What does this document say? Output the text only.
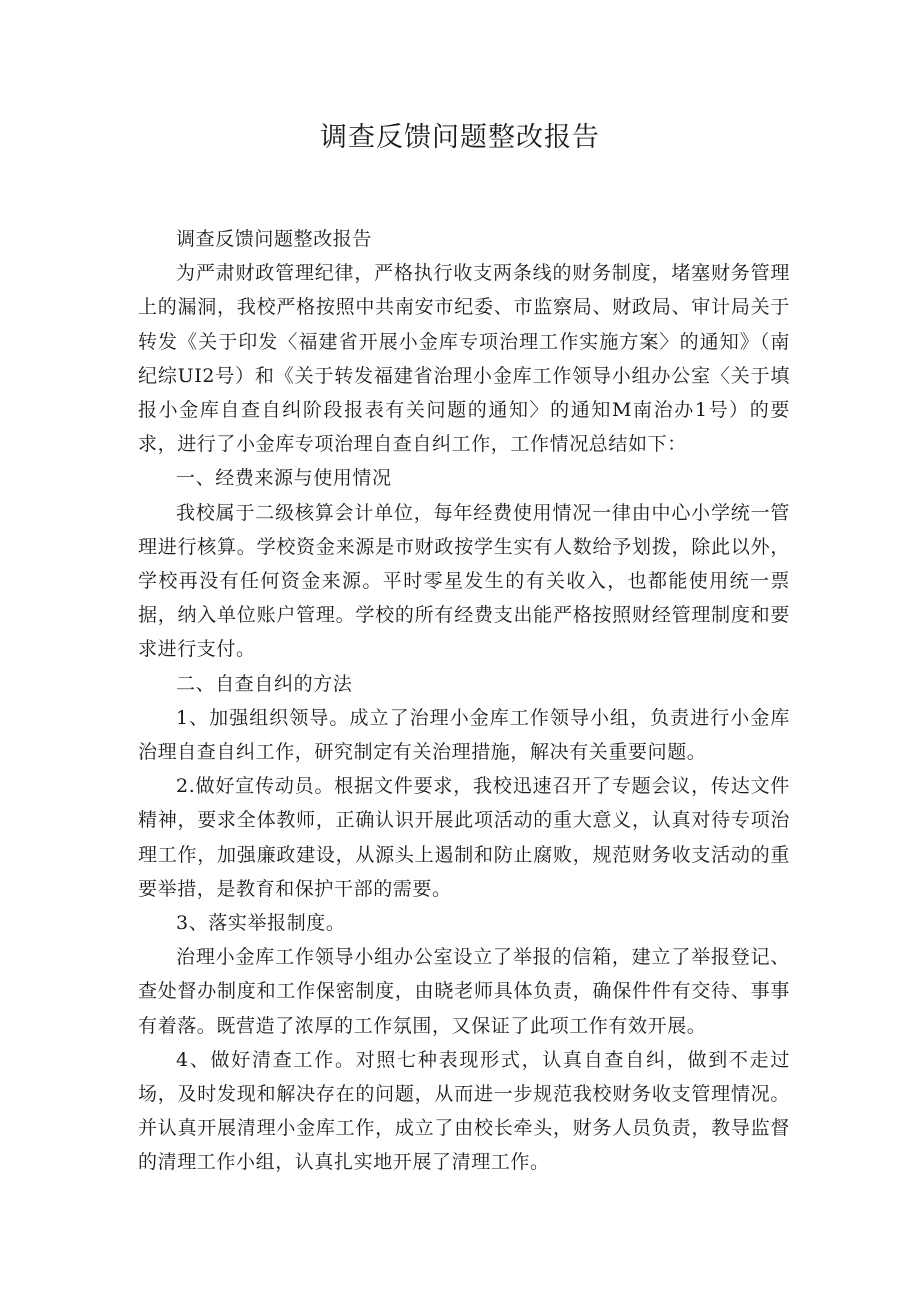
调查反馈问题整改报告

调查反馈问题整改报告

为严肃财政管理纪律，严格执行收支两条线的财务制度，堵塞财务管理上的漏洞，我校严格按照中共南安市纪委、市监察局、财政局、审计局关于转发《关于印发〈福建省开展小金库专项治理工作实施方案〉的通知》（南纪综UI2号）和《关于转发福建省治理小金库工作领导小组办公室〈关于填报小金库自查自纠阶段报表有关问题的通知〉的通知M南治办1号）的要求，进行了小金库专项治理自查自纠工作，工作情况总结如下：

一、经费来源与使用情况

我校属于二级核算会计单位，每年经费使用情况一律由中心小学统一管理进行核算。学校资金来源是市财政按学生实有人数给予划拨，除此以外，学校再没有任何资金来源。平时零星发生的有关收入，也都能使用统一票据，纳入单位账户管理。学校的所有经费支出能严格按照财经管理制度和要求进行支付。

二、自查自纠的方法

1、加强组织领导。成立了治理小金库工作领导小组，负责进行小金库治理自查自纠工作，研究制定有关治理措施，解决有关重要问题。

2.做好宣传动员。根据文件要求，我校迅速召开了专题会议，传达文件精神，要求全体教师，正确认识开展此项活动的重大意义，认真对待专项治理工作，加强廉政建设，从源头上遏制和防止腐败，规范财务收支活动的重要举措，是教育和保护干部的需要。

3、落实举报制度。

治理小金库工作领导小组办公室设立了举报的信箱，建立了举报登记、查处督办制度和工作保密制度，由晓老师具体负责，确保件件有交待、事事有着落。既营造了浓厚的工作氛围，又保证了此项工作有效开展。

4、做好清查工作。对照七种表现形式，认真自查自纠，做到不走过场，及时发现和解决存在的问题，从而进一步规范我校财务收支管理情况。并认真开展清理小金库工作，成立了由校长牵头，财务人员负责，教导监督的清理工作小组，认真扎实地开展了清理工作。
